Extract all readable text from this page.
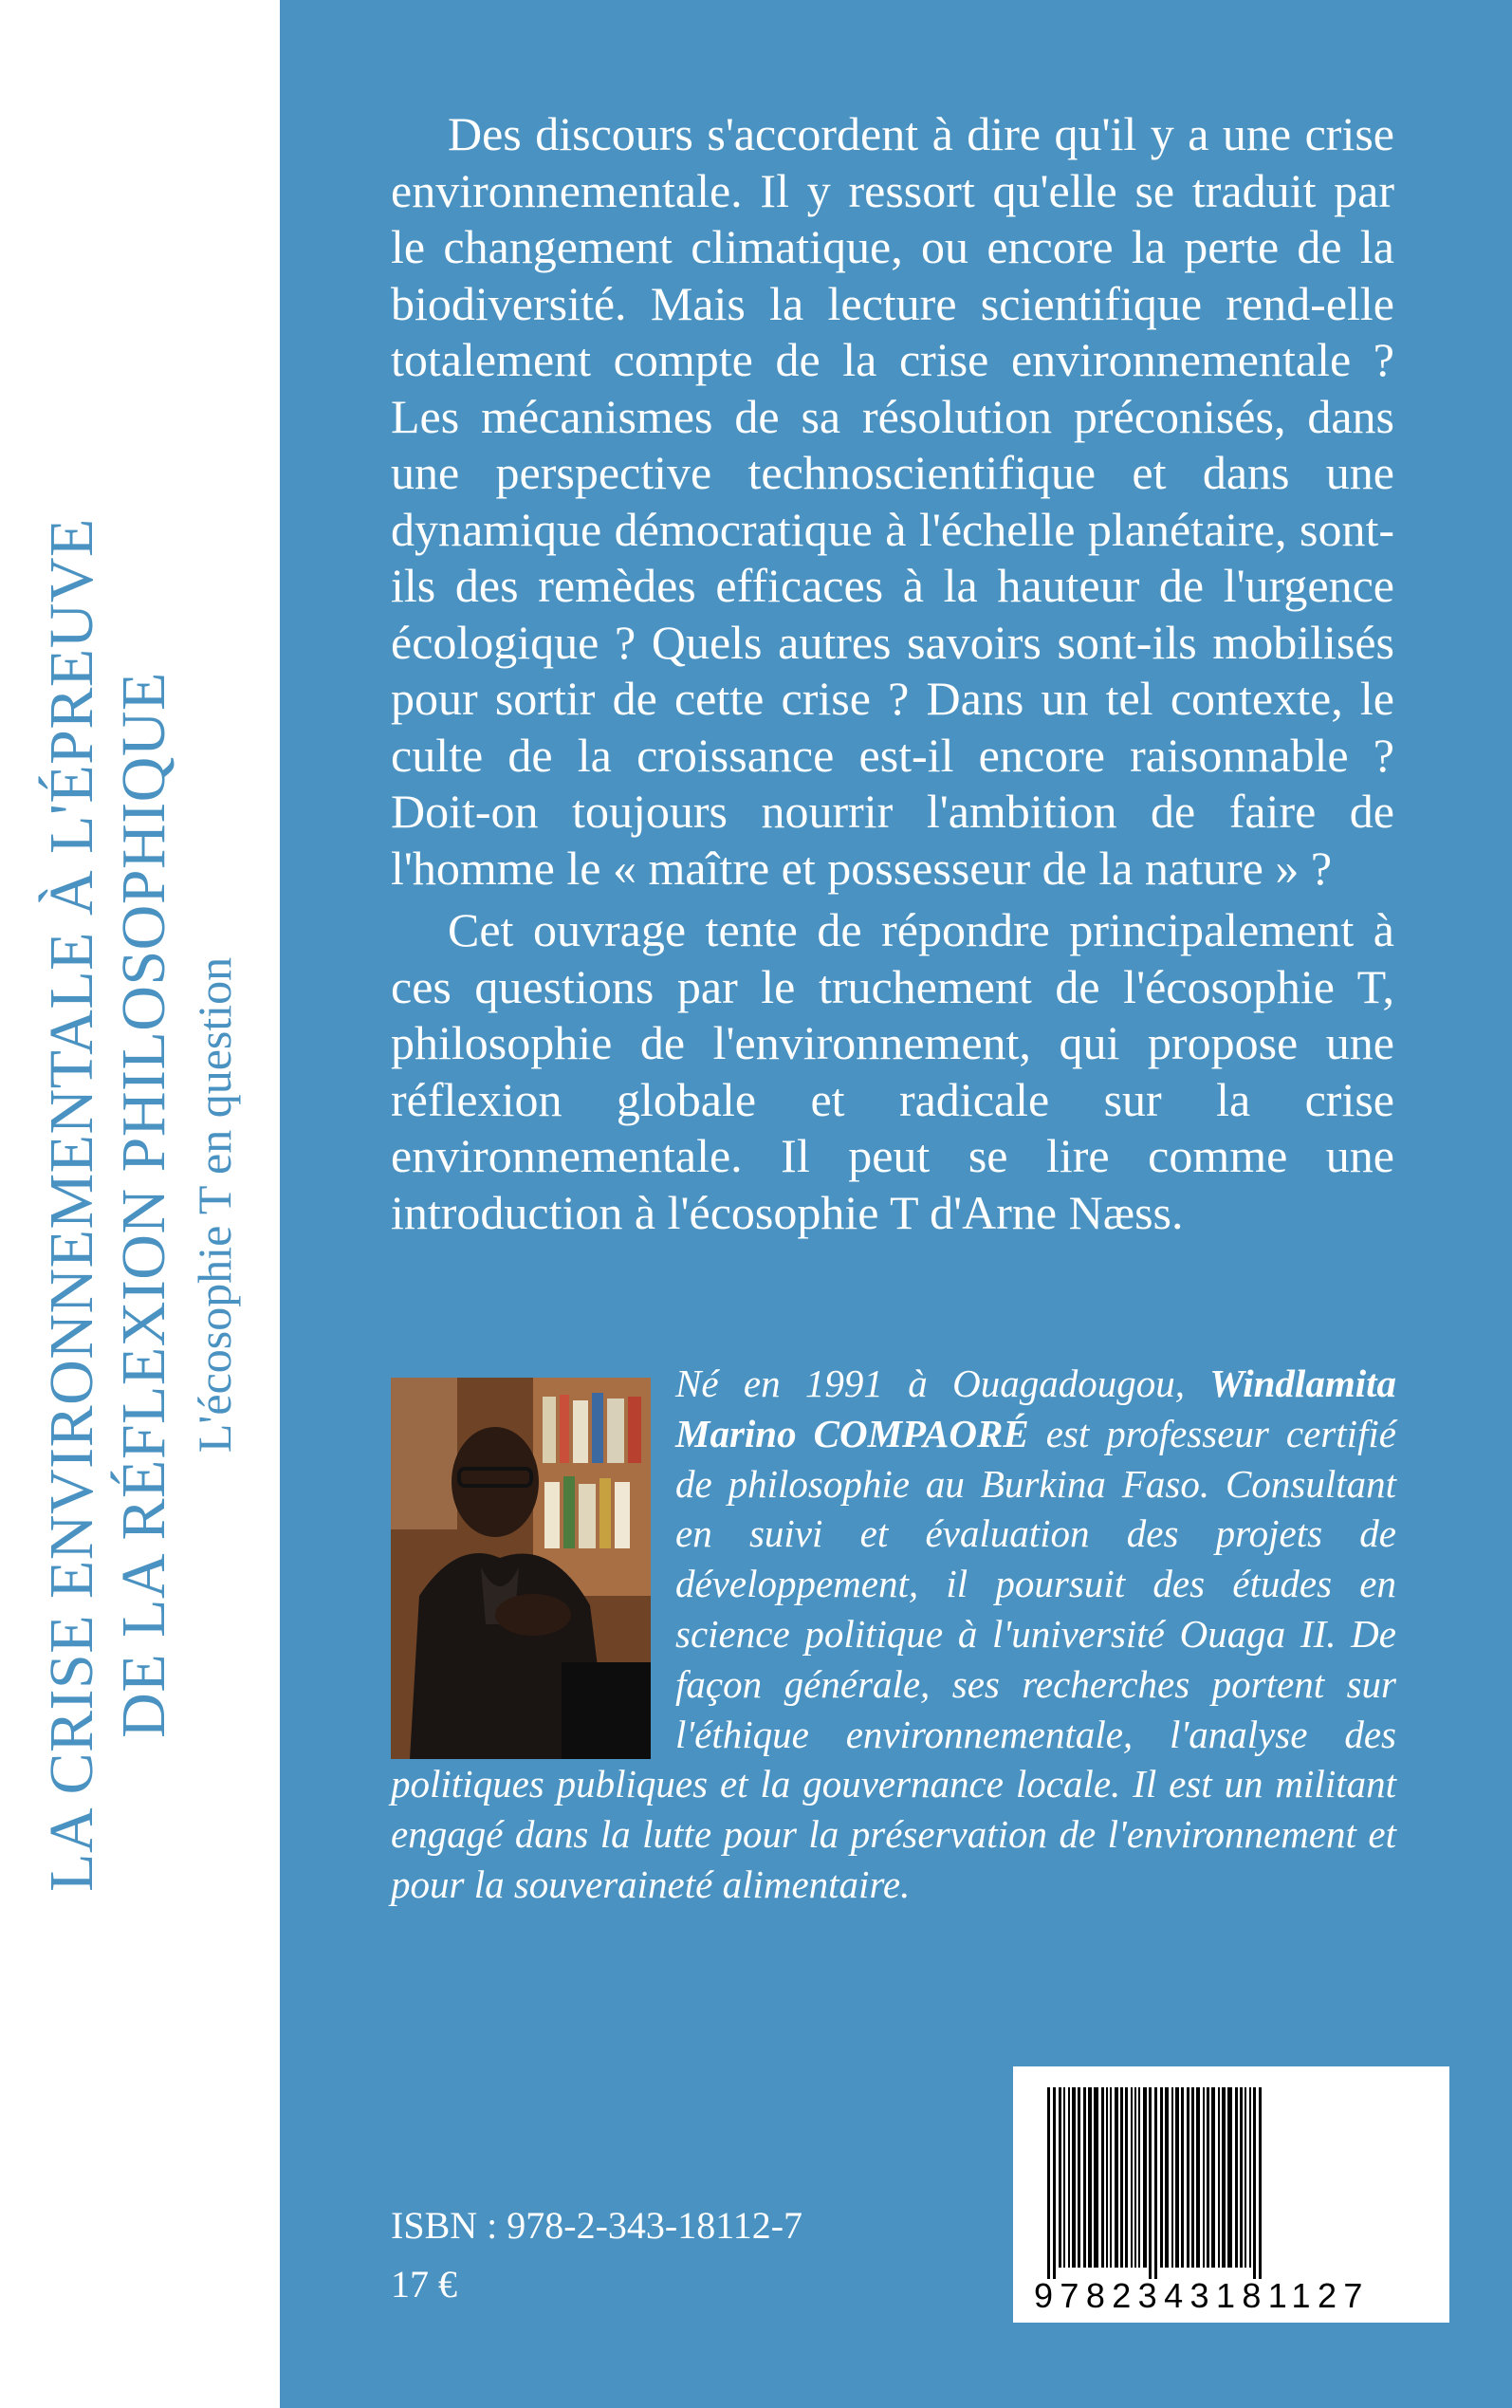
LA CRISE ENVIRONNEMENTALE À L'ÉPREUVE DE LA RÉFLEXION PHILOSOPHIQUE L'écosophie T en question

Des discours s'accordent à dire qu'il y a une crise environnementale. Il y ressort qu'elle se traduit par le changement climatique, ou encore la perte de la biodiversité. Mais la lecture scientifique rend-elle totalement compte de la crise environnementale ? Les mécanismes de sa résolution préconisés, dans une perspective technoscientifique et dans une dynamique démocratique à l'échelle planétaire, sont-ils des remèdes efficaces à la hauteur de l'urgence écologique ? Quels autres savoirs sont-ils mobilisés pour sortir de cette crise ? Dans un tel contexte, le culte de la croissance est-il encore raisonnable ? Doit-on toujours nourrir l'ambition de faire de l'homme le « maître et possesseur de la nature » ?

Cet ouvrage tente de répondre principalement à ces questions par le truchement de l'écosophie T, philosophie de l'environnement, qui propose une réflexion globale et radicale sur la crise environnementale. Il peut se lire comme une introduction à l'écosophie T d'Arne Næss.

Né en 1991 à Ouagadougou, Windlamita Marino COMPAORÉ est professeur certifié de philosophie au Burkina Faso. Consultant en suivi et évaluation des projets de développement, il poursuit des études en science politique à l'université Ouaga II. De façon générale, ses recherches portent sur l'éthique environnementale, l'analyse des politiques publiques et la gouvernance locale. Il est un militant engagé dans la lutte pour la préservation de l'environnement et pour la souveraineté alimentaire.
ISBN : 978-2-343-18112-7
17 €	9782343181127
